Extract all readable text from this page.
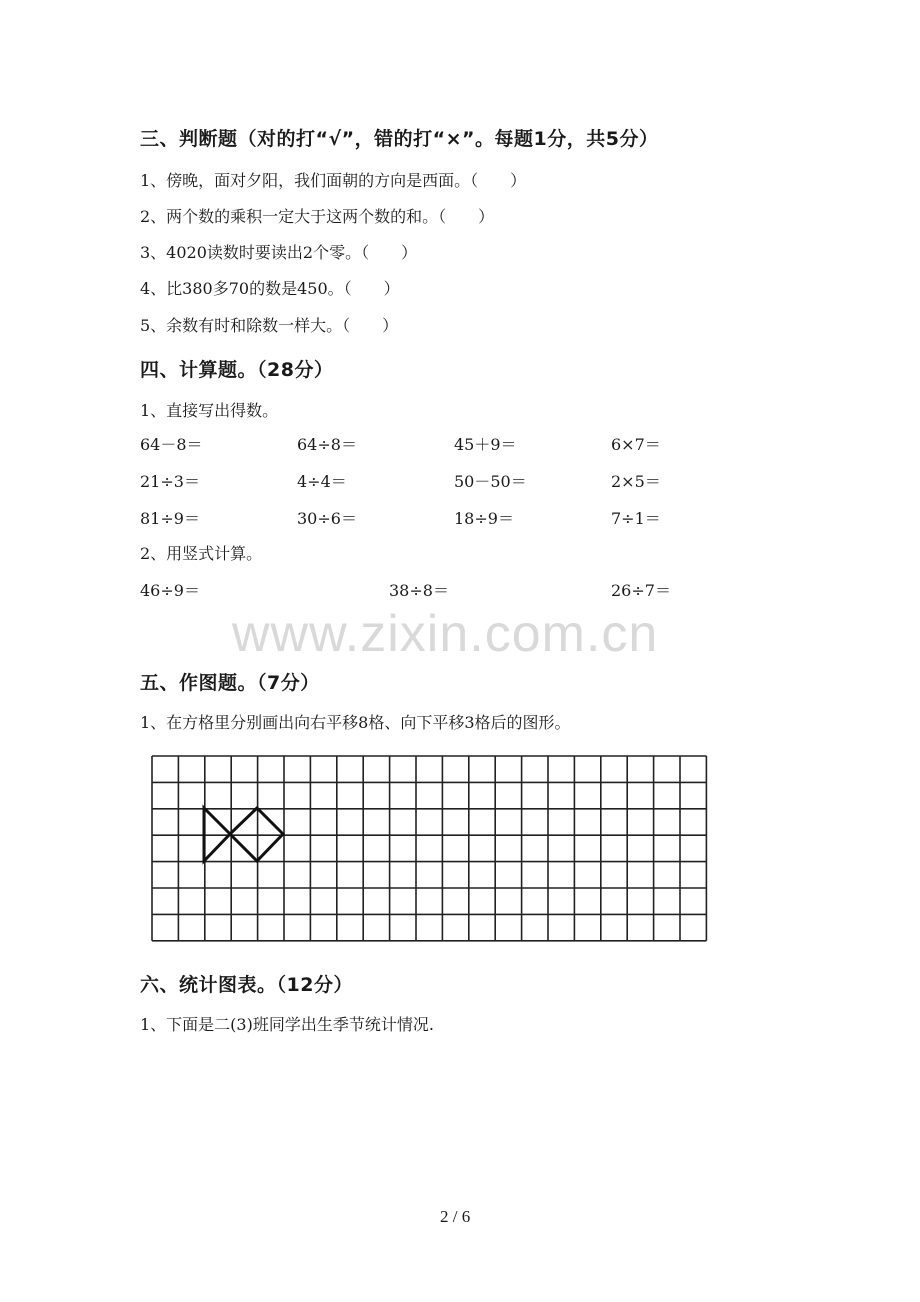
三、判断题（对的打“√”，错的打“×”。每题1分，共5分）
1、傍晚，面对夕阳，我们面朝的方向是西面。（　　）
2、两个数的乘积一定大于这两个数的和。（　　）
3、4020读数时要读出2个零。（　　）
4、比380多70的数是450。（　　）
5、余数有时和除数一样大。（　　）
四、计算题。（28分）
1、直接写出得数。
64－8＝	64÷8＝	45＋9＝	6×7＝
21÷3＝	4÷4＝	50－50＝	2×5＝
81÷9＝	30÷6＝	18÷9＝	7÷1＝
2、用竖式计算。
46÷9＝	38÷8＝	26÷7＝
www.zixin.com.cn
五、作图题。（7分）
1、在方格里分别画出向右平移8格、向下平移3格后的图形。
六、统计图表。（12分）
1、下面是二(3)班同学出生季节统计情况.
2 / 6
